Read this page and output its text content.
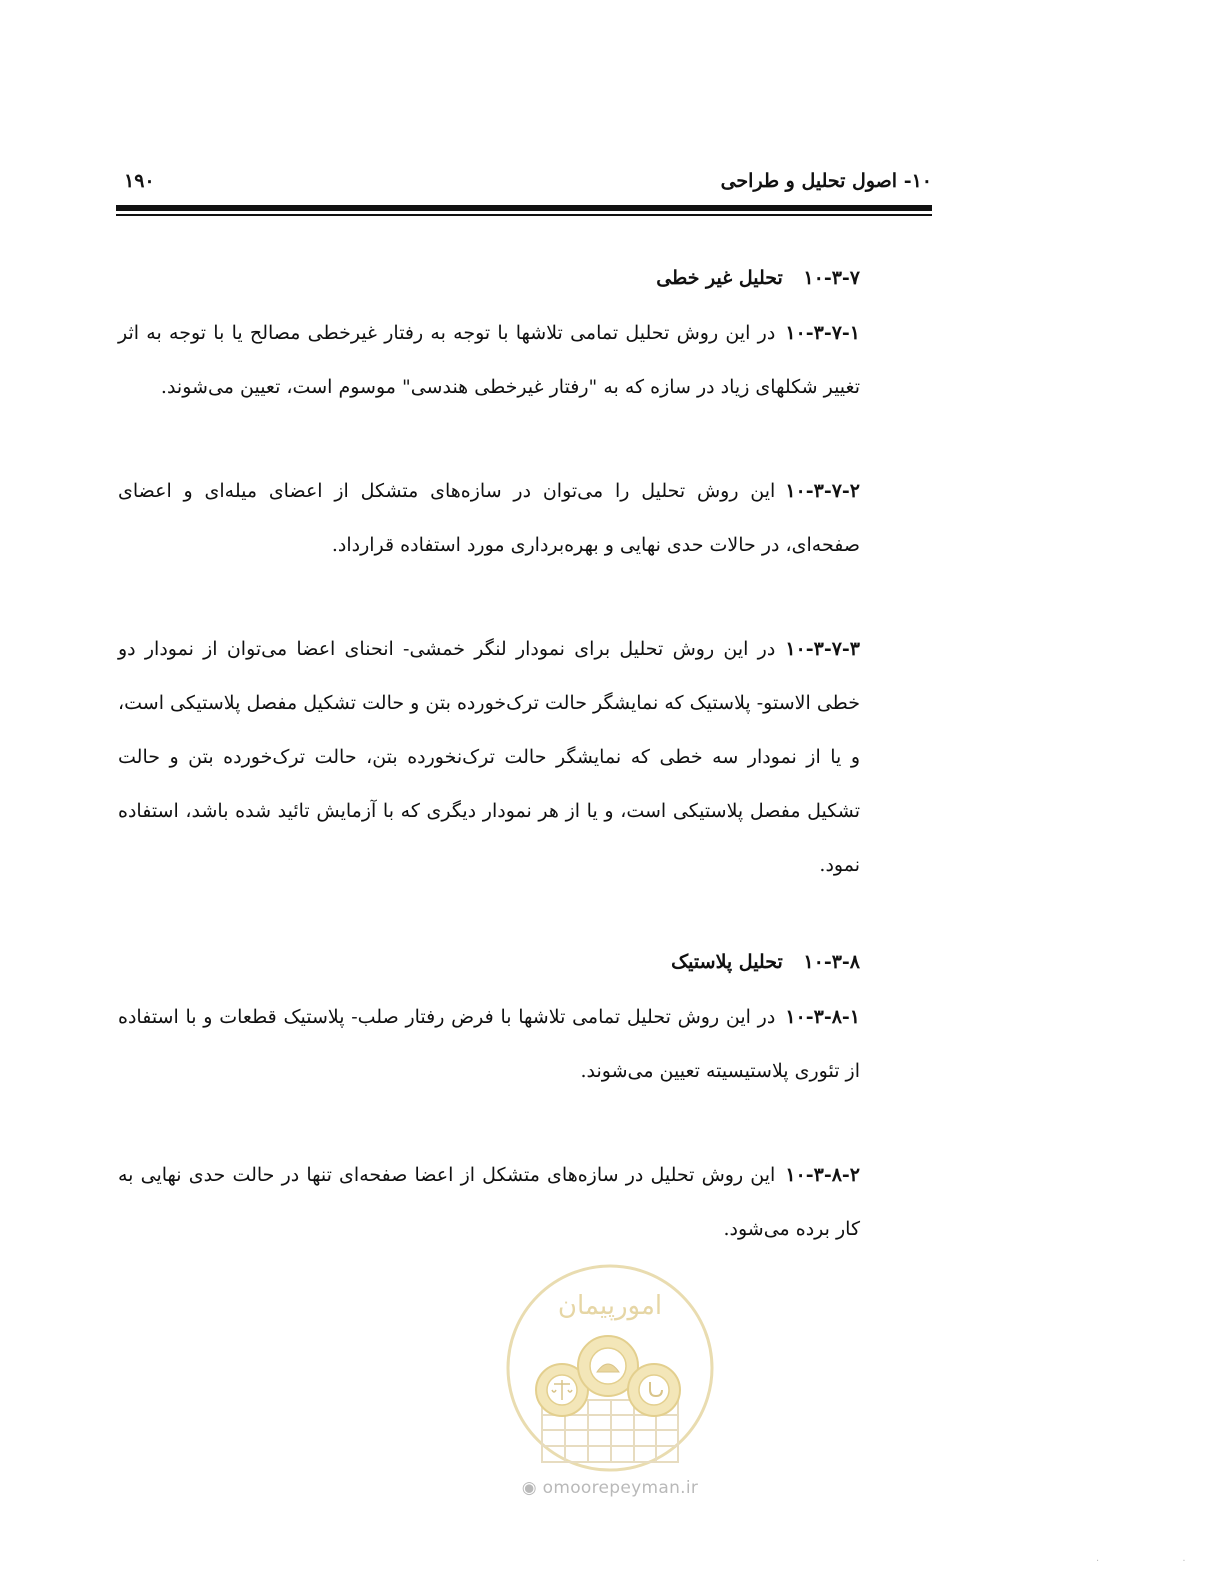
۱۰- اصول تحلیل و طراحی
۱۹۰
۱۰-۳-۷ تحلیل غیر خطی

۱۰-۳-۷-۱در این روش تحلیل تمامی تلاشها با توجه به رفتار غیرخطی مصالح یا با توجه به اثر تغییر شکلهای زیاد در سازه که به "رفتار غیرخطی هندسی" موسوم است، تعیین می‌شوند.

۱۰-۳-۷-۲این روش تحلیل را می‌توان در سازه‌های متشکل از اعضای میله‌ای و اعضای صفحه‌ای، در حالات حدی نهایی و بهره‌برداری مورد استفاده قرارداد.

۱۰-۳-۷-۳در این روش تحلیل برای نمودار لنگر خمشی- انحنای اعضا می‌توان از نمودار دو خطی الاستو- پلاستیک که نمایشگر حالت ترک‌خورده بتن و حالت تشکیل مفصل پلاستیکی است، و یا از نمودار سه خطی که نمایشگر حالت ترک‌نخورده بتن، حالت ترک‌خورده بتن و حالت تشکیل مفصل پلاستیکی است، و یا از هر نمودار دیگری که با آزمایش تائید شده باشد، استفاده نمود.

۱۰-۳-۸ تحلیل پلاستیک

۱۰-۳-۸-۱در این روش تحلیل تمامی تلاشها با فرض رفتار صلب- پلاستیک قطعات و با استفاده از تئوری پلاستیسیته تعیین می‌شوند.

۱۰-۳-۸-۲این روش تحلیل در سازه‌های متشکل از اعضا صفحه‌ای تنها در حالت حدی نهایی به کار برده می‌شود.

امورپیمان
◉ omoorepeyman.ir
· ·
